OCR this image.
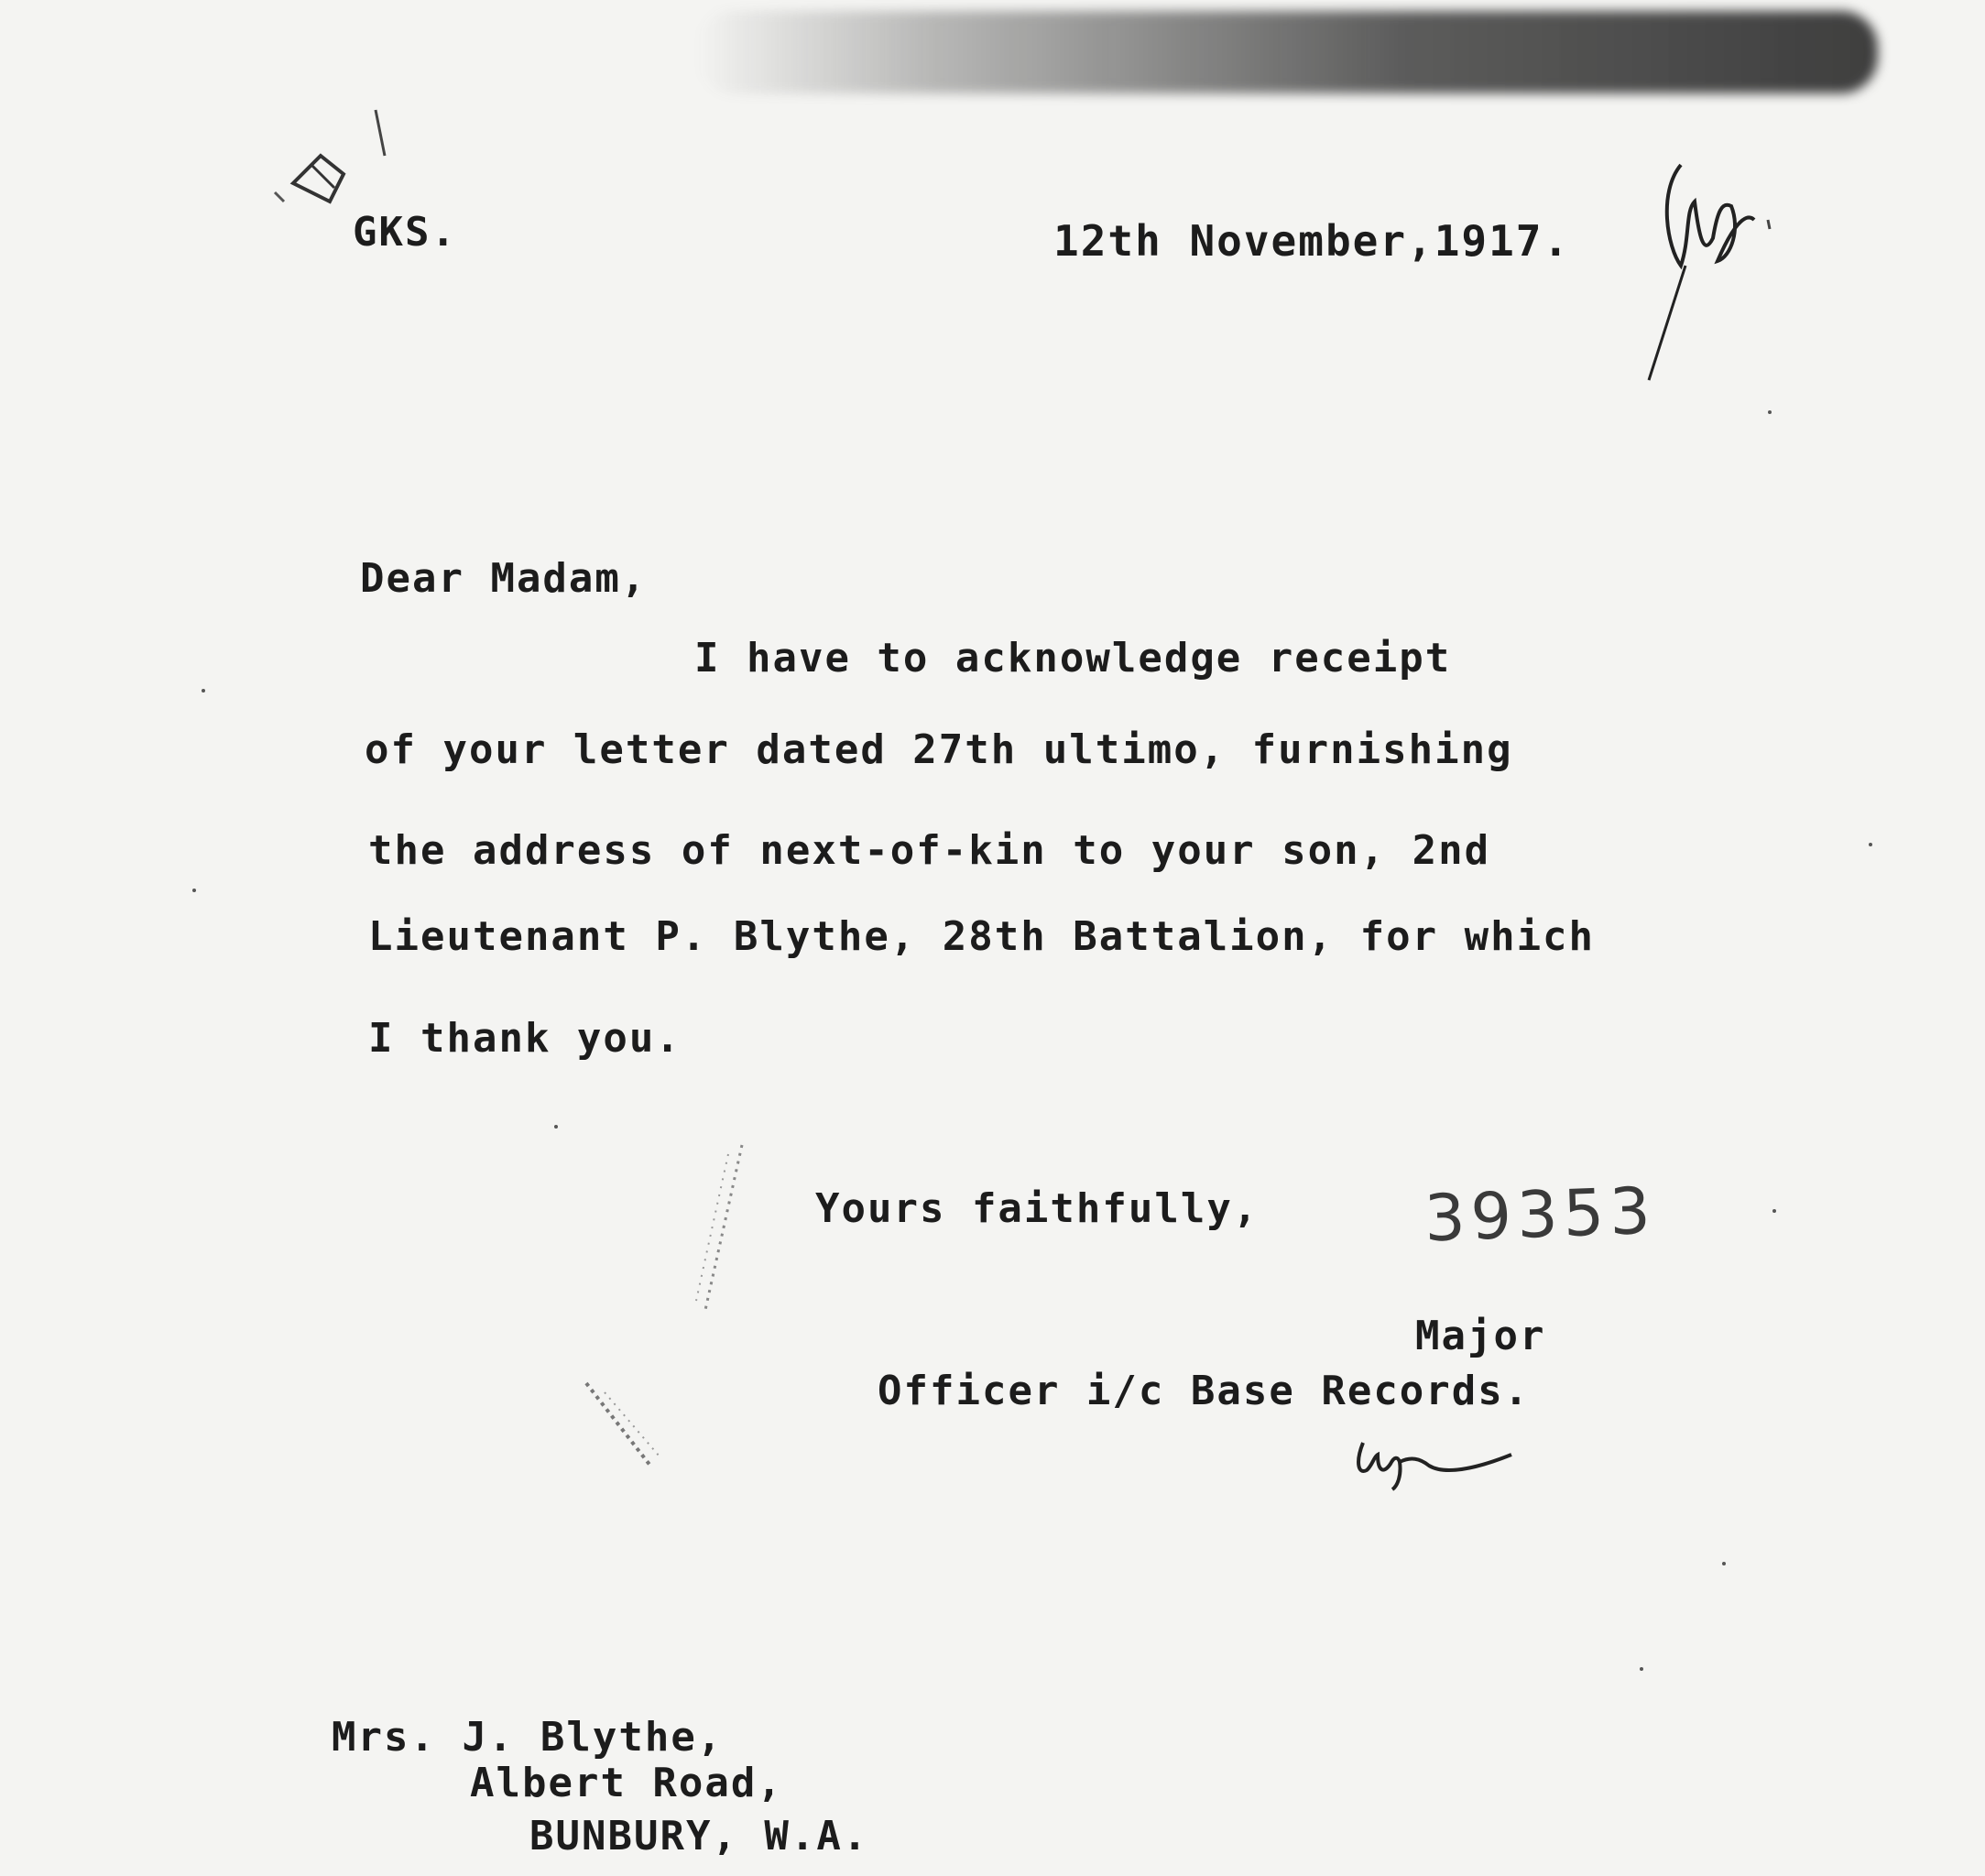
GKS.	12th November,1917.
Dear Madam,
I have to acknowledge receipt
of your letter dated 27th ultimo, furnishing
the address of next-of-kin to your son, 2nd
Lieutenant P. Blythe, 28th Battalion, for which
I thank you.
Yours faithfully,	39353
Major
Officer i/c Base Records.
Mrs. J. Blythe,
Albert Road,
BUNBURY, W.A.
